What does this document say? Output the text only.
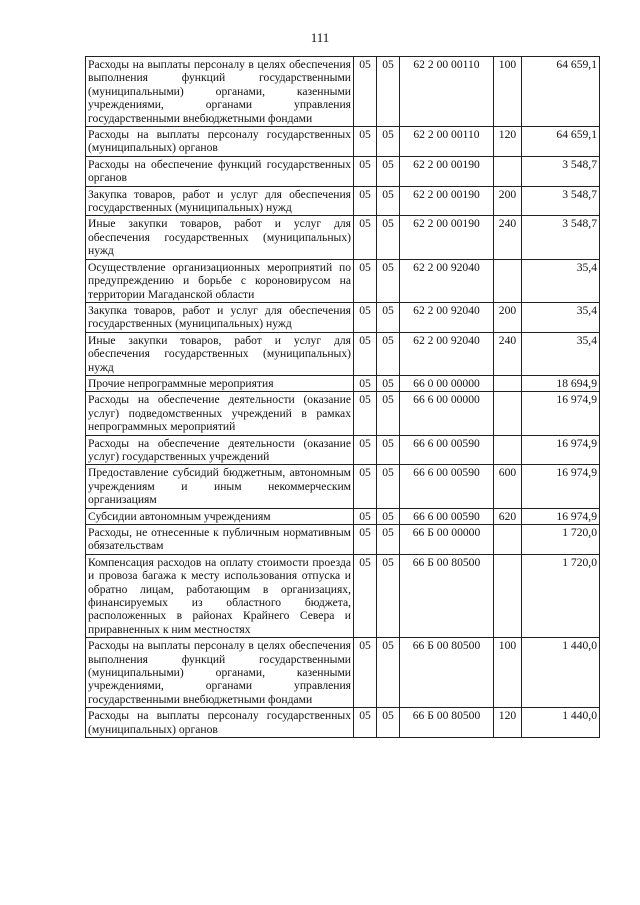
111
Расходы на выплаты персоналу в целях обеспечения выполнения функций государственными (муниципальными) органами, казенными учреждениями, органами управления государственными внебюджетными фондами	05	05	62 2 00 00110	100	64 659,1
Расходы на выплаты персоналу государственных (муниципальных) органов	05	05	62 2 00 00110	120	64 659,1
Расходы на обеспечение функций государственных органов	05	05	62 2 00 00190		3 548,7
Закупка товаров, работ и услуг для обеспечения государственных (муниципальных) нужд	05	05	62 2 00 00190	200	3 548,7
Иные закупки товаров, работ и услуг для обеспечения государственных (муниципальных) нужд	05	05	62 2 00 00190	240	3 548,7
Осуществление организационных мероприятий по предупреждению и борьбе с короновирусом на территории Магаданской области	05	05	62 2 00 92040		35,4
Закупка товаров, работ и услуг для обеспечения государственных (муниципальных) нужд	05	05	62 2 00 92040	200	35,4
Иные закупки товаров, работ и услуг для обеспечения государственных (муниципальных) нужд	05	05	62 2 00 92040	240	35,4
Прочие непрограммные мероприятия	05	05	66 0 00 00000		18 694,9
Расходы на обеспечение деятельности (оказание услуг) подведомственных учреждений в рамках непрограммных мероприятий	05	05	66 6 00 00000		16 974,9
Расходы на обеспечение деятельности (оказание услуг) государственных учреждений	05	05	66 6 00 00590		16 974,9
Предоставление субсидий бюджетным, автономным учреждениям и иным некоммерческим организациям	05	05	66 6 00 00590	600	16 974,9
Субсидии автономным учреждениям	05	05	66 6 00 00590	620	16 974,9
Расходы, не отнесенные к публичным нормативным обязательствам	05	05	66 Б 00 00000		1 720,0
Компенсация расходов на оплату стоимости проезда и провоза багажа к месту использования отпуска и обратно лицам, работающим в организациях, финансируемых из областного бюджета, расположенных в районах Крайнего Севера и приравненных к ним местностях	05	05	66 Б 00 80500		1 720,0
Расходы на выплаты персоналу в целях обеспечения выполнения функций государственными (муниципальными) органами, казенными учреждениями, органами управления государственными внебюджетными фондами	05	05	66 Б 00 80500	100	1 440,0
Расходы на выплаты персоналу государственных (муниципальных) органов	05	05	66 Б 00 80500	120	1 440,0
